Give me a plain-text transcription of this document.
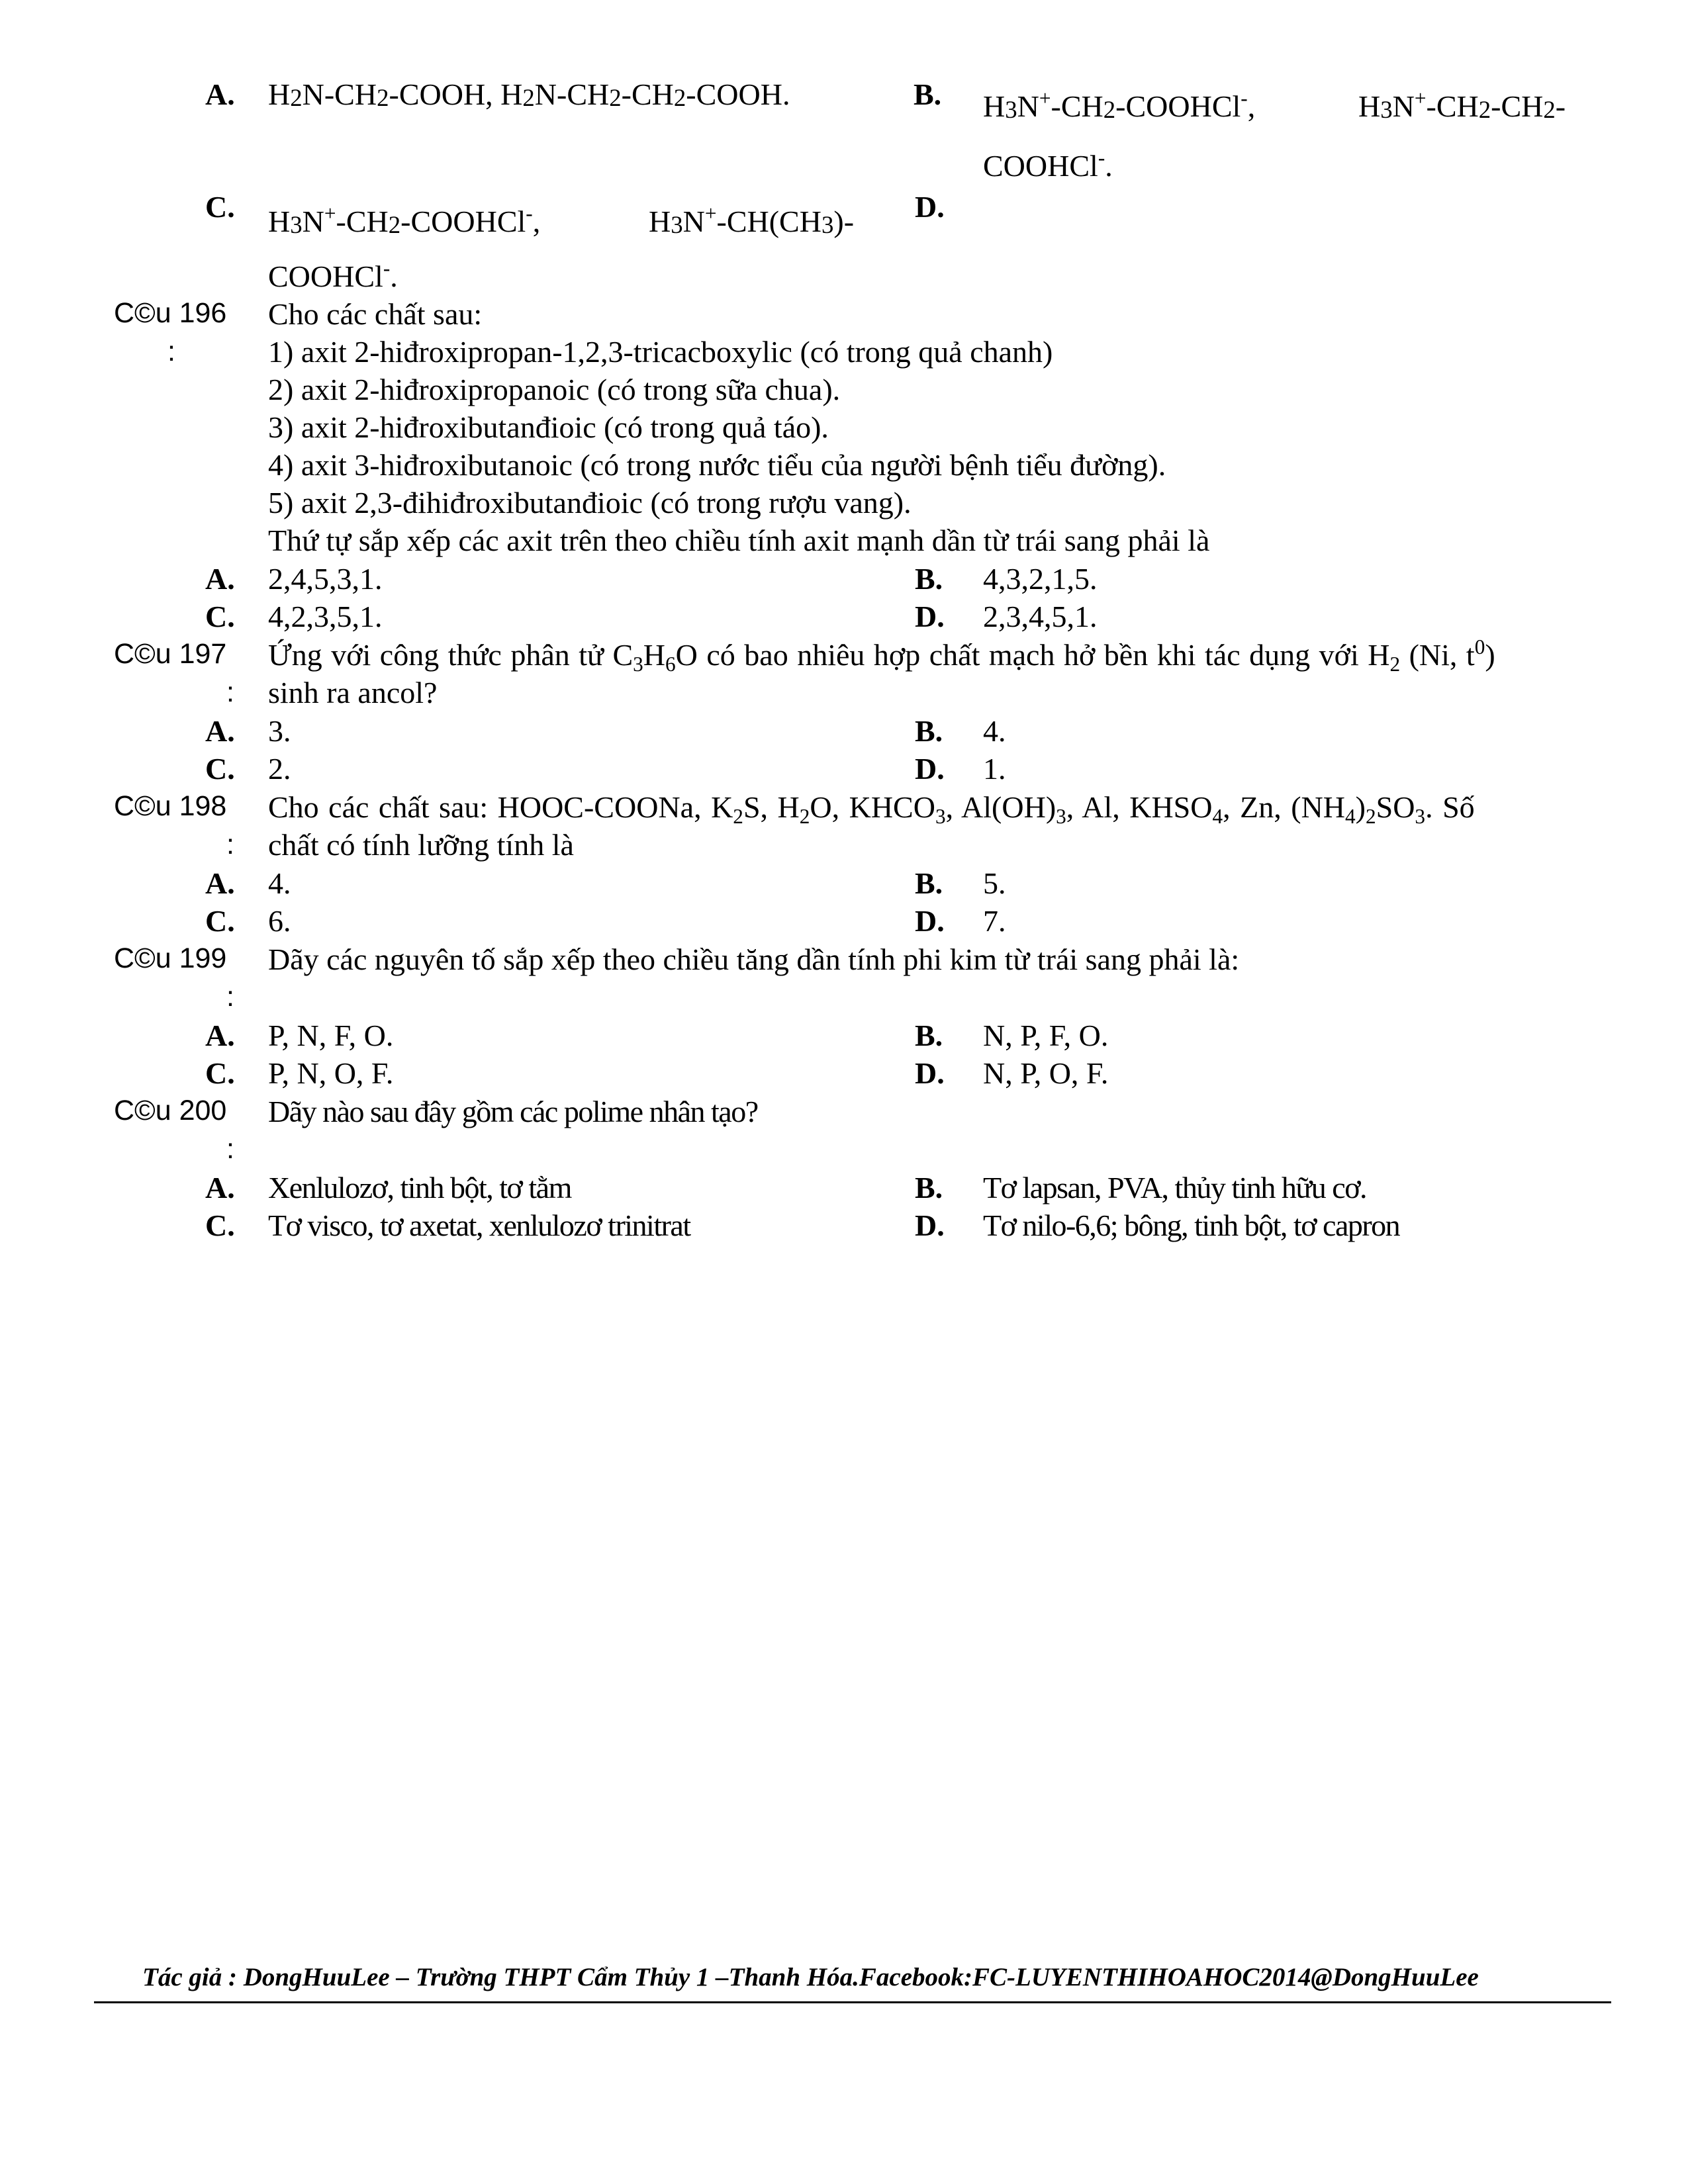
A. H2N-CH2-COOH, H2N-CH2-CH2-COOH.	B. H3N+-CH2-COOHCl-,	H3N+-CH2-CH2-
COOHCl-.
C. H3N+-CH2-COOHCl-,	H3N+-CH(CH3)-
COOHCl-.
D.
C©u 196
:
Cho các chất sau:
1) axit 2-hiđroxipropan-1,2,3-tricacboxylic (có trong quả chanh)
2) axit 2-hiđroxipropanoic (có trong sữa chua).
3) axit 2-hiđroxibutanđioic (có trong quả táo).
4) axit 3-hiđroxibutanoic (có trong nước tiểu của người bệnh tiểu đường).
5) axit 2,3-đihiđroxibutanđioic (có trong rượu vang).
Thứ tự sắp xếp các axit trên theo chiều tính axit mạnh dần từ trái sang phải là
A. 2,4,5,3,1.	B. 4,3,2,1,5.
C. 4,2,3,5,1.	D. 2,3,4,5,1.
C©u 197
:
Ứng với công thức phân tử $C_3H_6O$ có bao nhiêu hợp chất mạch hở bền khi tác dụng với $H_2$ (Ni, $t^0$)
sinh ra ancol?
A. 3.	B. 4.
C. 2.	D. 1.
C©u 198
:
Cho các chất sau: HOOC-COONa, $K_2S$, $H_2O$, $KHCO_3$, $Al(OH)_3$, Al, $KHSO_4$, Zn, $(NH_4)_2SO_3$. Số
chất có tính lưỡng tính là
A. 4.	B. 5.
C. 6.	D. 7.
C©u 199
:
Dãy các nguyên tố sắp xếp theo chiều tăng dần tính phi kim từ trái sang phải là:
A. P, N, F, O.	B. N, P, F, O.
C. P, N, O, F.	D. N, P, O, F.
C©u 200
:
Dãy nào sau đây gồm các polime nhân tạo?
A. Xenlulozơ, tinh bột, tơ tằm	B. Tơ lapsan, PVA, thủy tinh hữu cơ.
C. Tơ visco, tơ axetat, xenlulozơ trinitrat	D. Tơ nilo-6,6; bông, tinh bột, tơ capron
Tác giả : DongHuuLee – Trường THPT Cẩm Thủy 1 –Thanh Hóa.Facebook:FC-LUYENTHIHOAHOC2014@DongHuuLee
